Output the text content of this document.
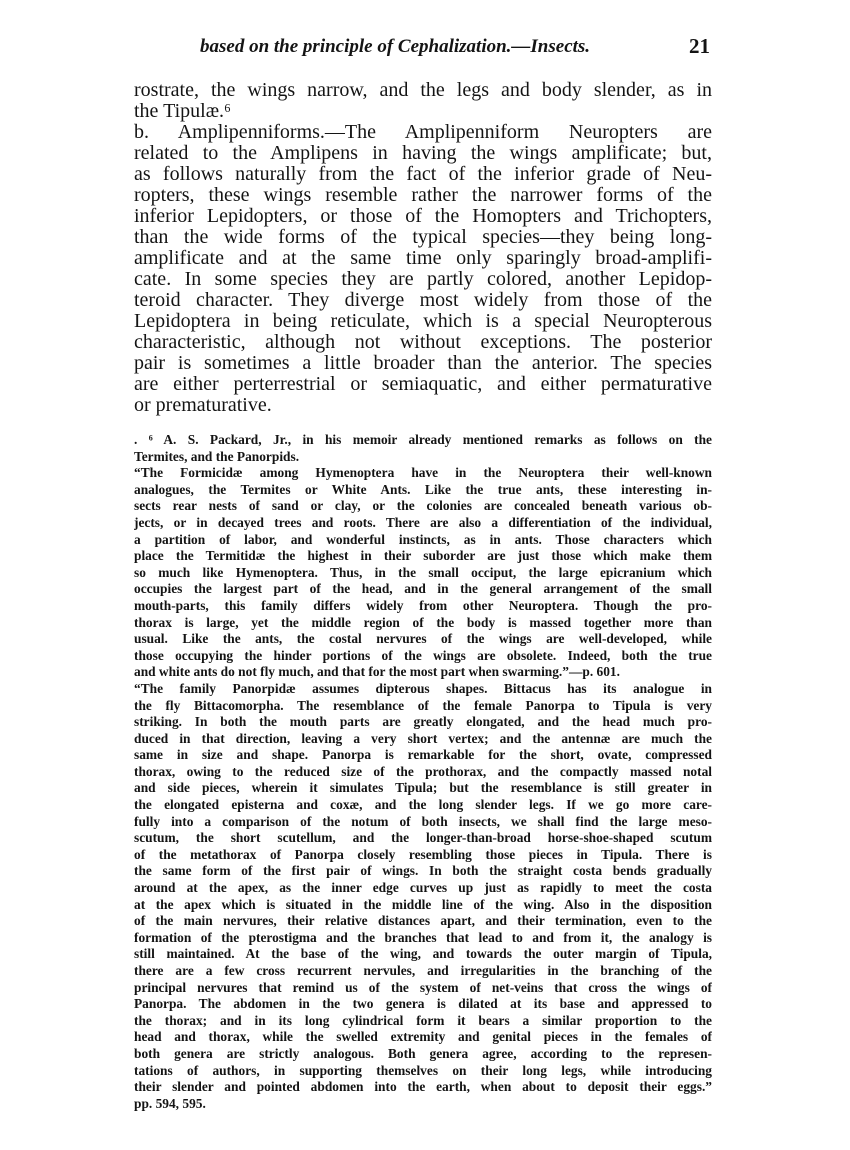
based on the principle of Cephalization.—Insects.	21
rostrate, the wings narrow, and the legs and body slender, as in
the Tipulæ.⁶
b. Amplipenniforms.—The Amplipenniform Neuropters are
related to the Amplipens in having the wings amplificate; but,
as follows naturally from the fact of the inferior grade of Neu-
ropters, these wings resemble rather the narrower forms of the
inferior Lepidopters, or those of the Homopters and Trichopters,
than the wide forms of the typical species—they being long-
amplificate and at the same time only sparingly broad-amplifi-
cate. In some species they are partly colored, another Lepidop-
teroid character. They diverge most widely from those of the
Lepidoptera in being reticulate, which is a special Neuropterous
characteristic, although not without exceptions. The posterior
pair is sometimes a little broader than the anterior. The species
are either perterrestrial or semiaquatic, and either permaturative
or prematurative.
. ⁶ A. S. Packard, Jr., in his memoir already mentioned remarks as follows on the
Termites, and the Panorpids.
“The Formicidæ among Hymenoptera have in the Neuroptera their well-known
analogues, the Termites or White Ants. Like the true ants, these interesting in-
sects rear nests of sand or clay, or the colonies are concealed beneath various ob-
jects, or in decayed trees and roots. There are also a differentiation of the individual,
a partition of labor, and wonderful instincts, as in ants. Those characters which
place the Termitidæ the highest in their suborder are just those which make them
so much like Hymenoptera. Thus, in the small occiput, the large epicranium which
occupies the largest part of the head, and in the general arrangement of the small
mouth-parts, this family differs widely from other Neuroptera. Though the pro-
thorax is large, yet the middle region of the body is massed together more than
usual. Like the ants, the costal nervures of the wings are well-developed, while
those occupying the hinder portions of the wings are obsolete. Indeed, both the true
and white ants do not fly much, and that for the most part when swarming.”—p. 601.
“The family Panorpidæ assumes dipterous shapes. Bittacus has its analogue in
the fly Bittacomorpha. The resemblance of the female Panorpa to Tipula is very
striking. In both the mouth parts are greatly elongated, and the head much pro-
duced in that direction, leaving a very short vertex; and the antennæ are much the
same in size and shape. Panorpa is remarkable for the short, ovate, compressed
thorax, owing to the reduced size of the prothorax, and the compactly massed notal
and side pieces, wherein it simulates Tipula; but the resemblance is still greater in
the elongated episterna and coxæ, and the long slender legs. If we go more care-
fully into a comparison of the notum of both insects, we shall find the large meso-
scutum, the short scutellum, and the longer-than-broad horse-shoe-shaped scutum
of the metathorax of Panorpa closely resembling those pieces in Tipula. There is
the same form of the first pair of wings. In both the straight costa bends gradually
around at the apex, as the inner edge curves up just as rapidly to meet the costa
at the apex which is situated in the middle line of the wing. Also in the disposition
of the main nervures, their relative distances apart, and their termination, even to the
formation of the pterostigma and the branches that lead to and from it, the analogy is
still maintained. At the base of the wing, and towards the outer margin of Tipula,
there are a few cross recurrent nervules, and irregularities in the branching of the
principal nervures that remind us of the system of net-veins that cross the wings of
Panorpa. The abdomen in the two genera is dilated at its base and appressed to
the thorax; and in its long cylindrical form it bears a similar proportion to the
head and thorax, while the swelled extremity and genital pieces in the females of
both genera are strictly analogous. Both genera agree, according to the represen-
tations of authors, in supporting themselves on their long legs, while introducing
their slender and pointed abdomen into the earth, when about to deposit their eggs.”
pp. 594, 595.
